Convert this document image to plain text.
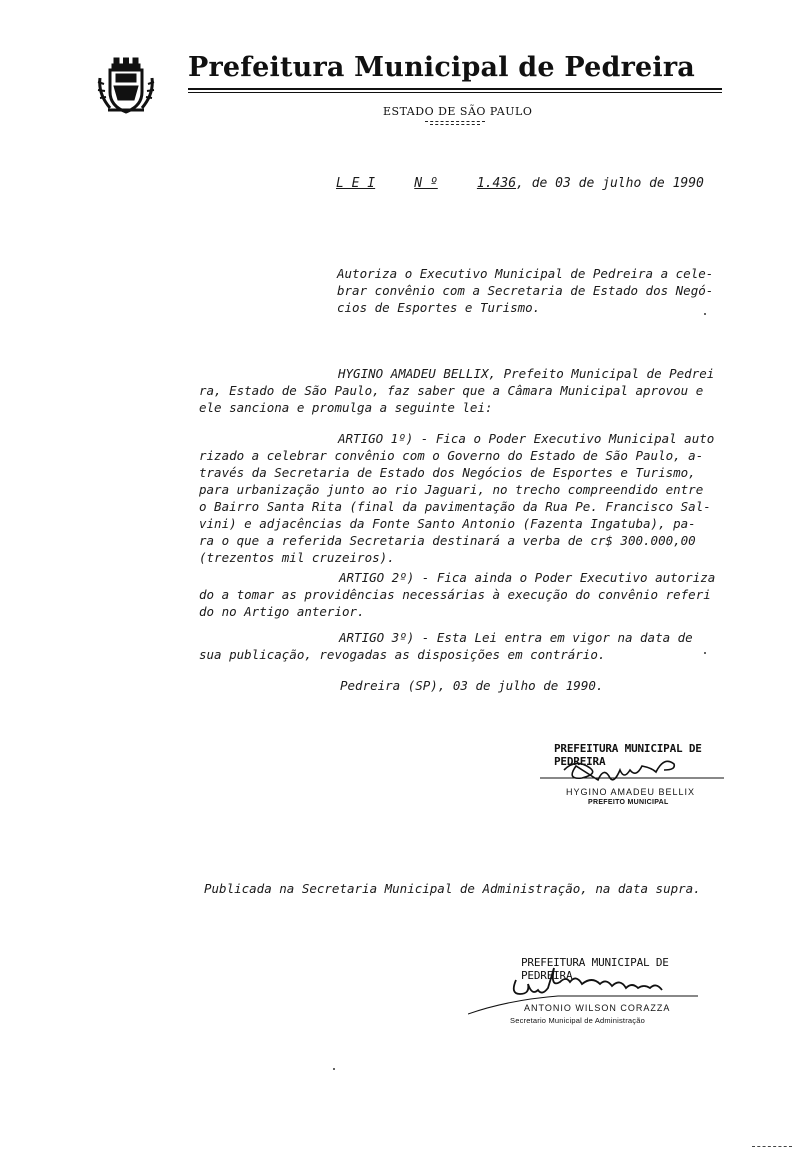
Prefeitura Municipal de Pedreira
ESTADO DE SÃO PAULO
L E I	N º	1.436, de 03 de julho de 1990
Autoriza o Executivo Municipal de Pedreira a cele-
brar convênio com a Secretaria de Estado dos Negó-
cios de Esportes e Turismo.
HYGINO AMADEU BELLIX, Prefeito Municipal de Pedrei
ra, Estado de São Paulo, faz saber que a Câmara Municipal aprovou e
ele sanciona e promulga a seguinte lei:
ARTIGO 1º) - Fica o Poder Executivo Municipal auto
rizado a celebrar convênio com o Governo do Estado de São Paulo, a-
través da Secretaria de Estado dos Negócios de Esportes e Turismo,
para urbanização junto ao rio Jaguari, no trecho compreendido entre
o Bairro Santa Rita (final da pavimentação da Rua Pe. Francisco Sal-
vini) e adjacências da Fonte Santo Antonio (Fazenta Ingatuba), pa-
ra o que a referida Secretaria destinará a verba de cr$ 300.000,00
(trezentos mil cruzeiros).
ARTIGO 2º) - Fica ainda o Poder Executivo autoriza
do a tomar as providências necessárias à execução do convênio referi
do no Artigo anterior.
ARTIGO 3º) - Esta Lei entra em vigor na data de
sua publicação, revogadas as disposições em contrário.
Pedreira (SP), 03 de julho de 1990.
PREFEITURA MUNICIPAL DE PEDREIRA
HYGINO AMADEU BELLIX
PREFEITO MUNICIPAL
Publicada na Secretaria Municipal de Administração, na data supra.
PREFEITURA MUNICIPAL DE PEDREIRA
ANTONIO WILSON CORAZZA
Secretario Municipal de Administração
